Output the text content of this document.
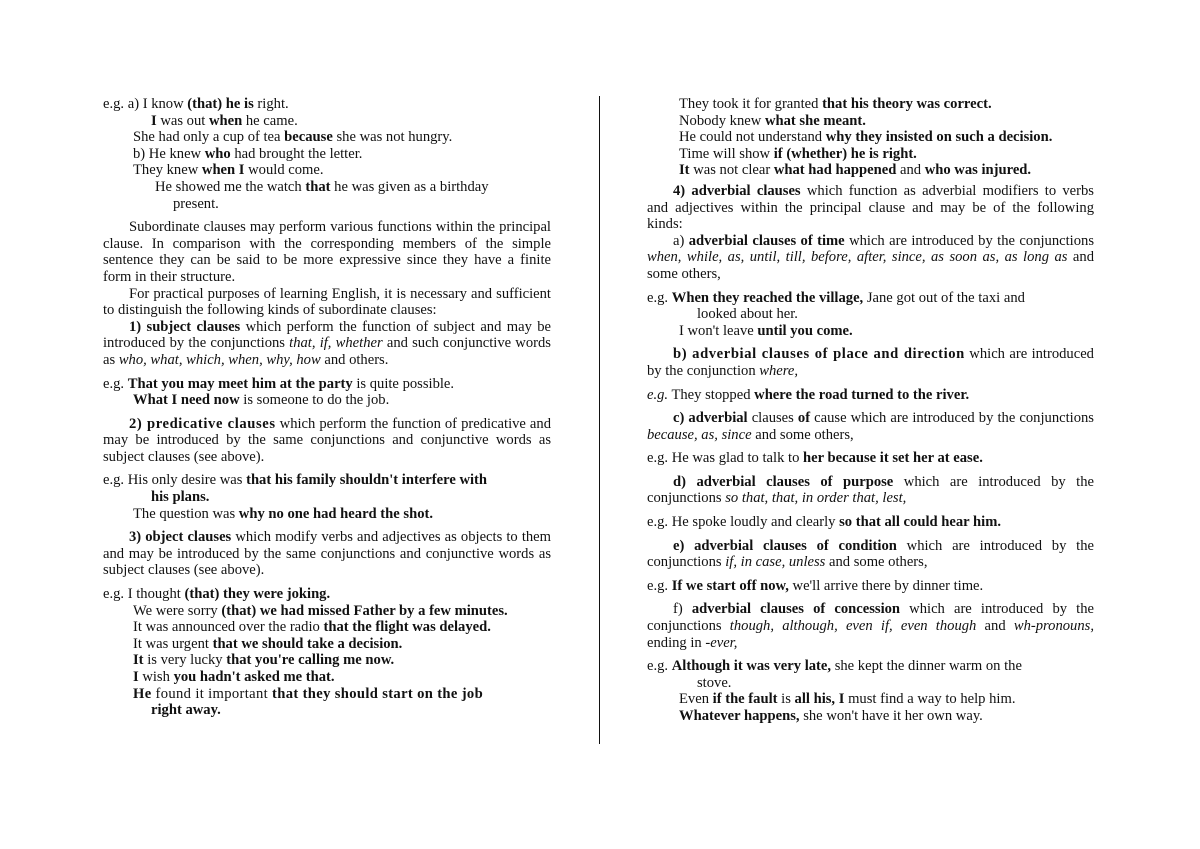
e.g. a) I know (that) he is right.
I was out when he came.
She had only a cup of tea because she was not hungry.
b) He knew who had brought the letter.
They knew when I would come.
He showed me the watch that he was given as a birthday
present.

Subordinate clauses may perform various functions within the principal clause. In comparison with the corresponding members of the simple sentence they can be said to be more expressive since they have a finite form in their structure.

For practical purposes of learning English, it is necessary and sufficient to distinguish the following kinds of subordinate clauses:

1) subject clauses which perform the function of subject and may be introduced by the conjunctions that, if, whether and such conjunctive words as who, what, which, when, why, how and others.

e.g. That you may meet him at the party is quite possible.
What I need now is someone to do the job.

2) predicative clauses which perform the function of predicative and may be introduced by the same conjunctions and conjunctive words as subject clauses (see above).

e.g. His only desire was that his family shouldn't interfere with
his plans.
The question was why no one had heard the shot.

3) object clauses which modify verbs and adjectives as objects to them and may be introduced by the same conjunctions and conjunctive words as subject clauses (see above).

e.g. I thought (that) they were joking.
We were sorry (that) we had missed Father by a few minutes.
It was announced over the radio that the flight was delayed.
It was urgent that we should take a decision.
It is very lucky that you're calling me now.
I wish you hadn't asked me that.
He found it important that they should start on the job
right away.
They took it for granted that his theory was correct.
Nobody knew what she meant.
He could not understand why they insisted on such a decision.
Time will show if (whether) he is right.
It was not clear what had happened and who was injured.

4) adverbial clauses which function as adverbial modifiers to verbs and adjectives within the principal clause and may be of the following kinds:

a) adverbial clauses of time which are introduced by the conjunctions when, while, as, until, till, before, after, since, as soon as, as long as and some others,

e.g. When they reached the village, Jane got out of the taxi and
looked about her.
I won't leave until you come.

b) adverbial clauses of place and direction which are introduced by the conjunction where,

e.g. They stopped where the road turned to the river.

c) adverbial clauses of cause which are introduced by the conjunctions because, as, since and some others,

e.g. He was glad to talk to her because it set her at ease.

d) adverbial clauses of purpose which are introduced by the conjunctions so that, that, in order that, lest,

e.g. He spoke loudly and clearly so that all could hear him.

e) adverbial clauses of condition which are introduced by the conjunctions if, in case, unless and some others,

e.g. If we start off now, we'll arrive there by dinner time.

f) adverbial clauses of concession which are introduced by the conjunctions though, although, even if, even though and wh-pronouns, ending in -ever,

e.g. Although it was very late, she kept the dinner warm on the
stove.
Even if the fault is all his, I must find a way to help him.
Whatever happens, she won't have it her own way.
